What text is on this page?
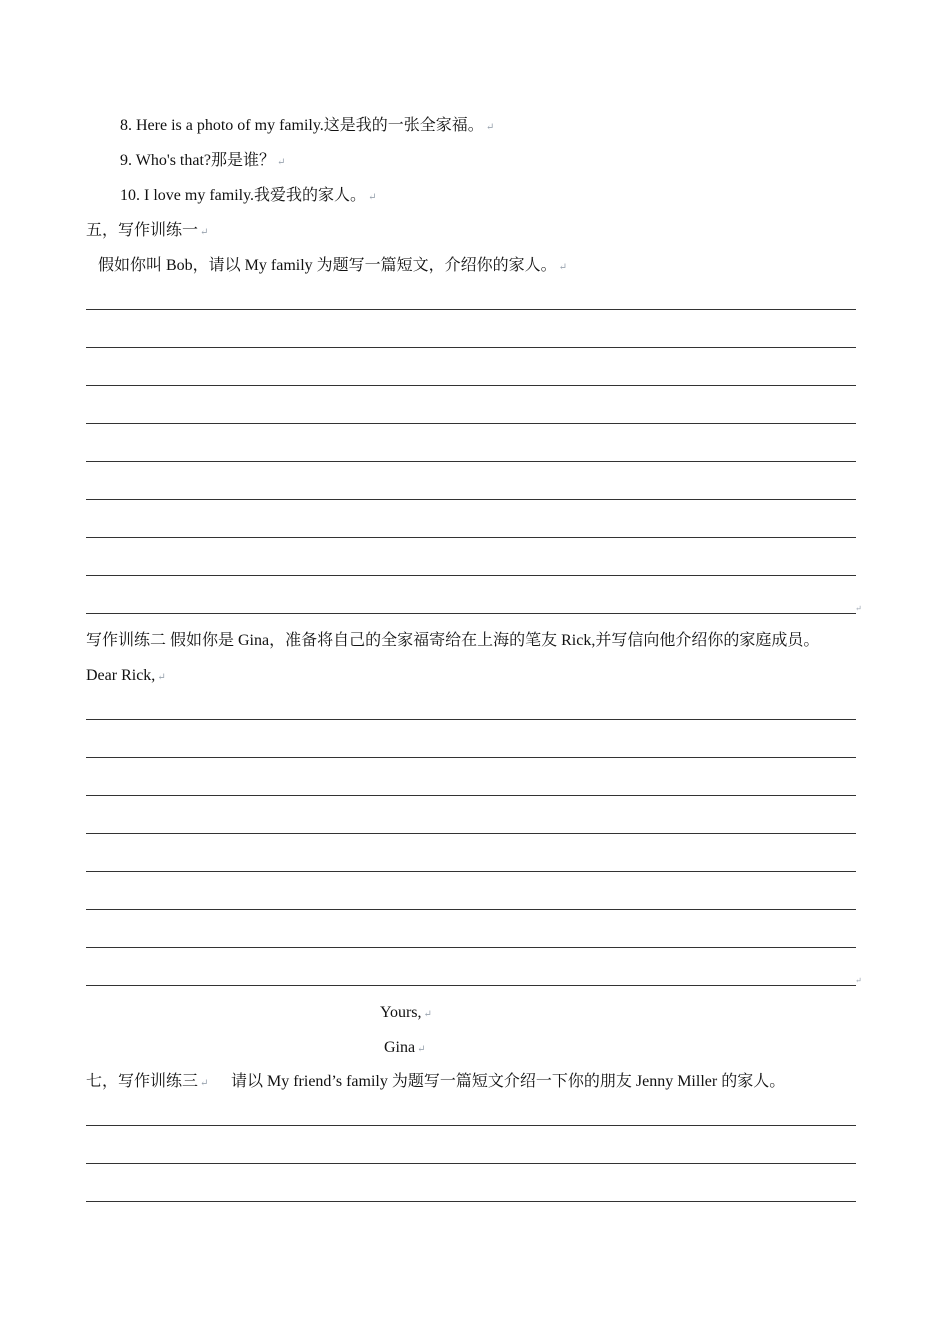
8. Here is a photo of my family.这是我的一张全家福。 ↵
9. Who's that?那是谁？ ↵
10. I love my family.我爱我的家人。 ↵
五，写作训练一 ↵
假如你叫 Bob，请以 My family 为题写一篇短文，介绍你的家人。 ↵
↵
写作训练二 假如你是 Gina，准备将自己的全家福寄给在上海的笔友 Rick,并写信向他介绍你的家庭成员。
Dear Rick, ↵
↵
Yours, ↵
Gina ↵
七，写作训练三 ↵ 请以 My friend’s family 为题写一篇短文介绍一下你的朋友 Jenny Miller 的家人。
